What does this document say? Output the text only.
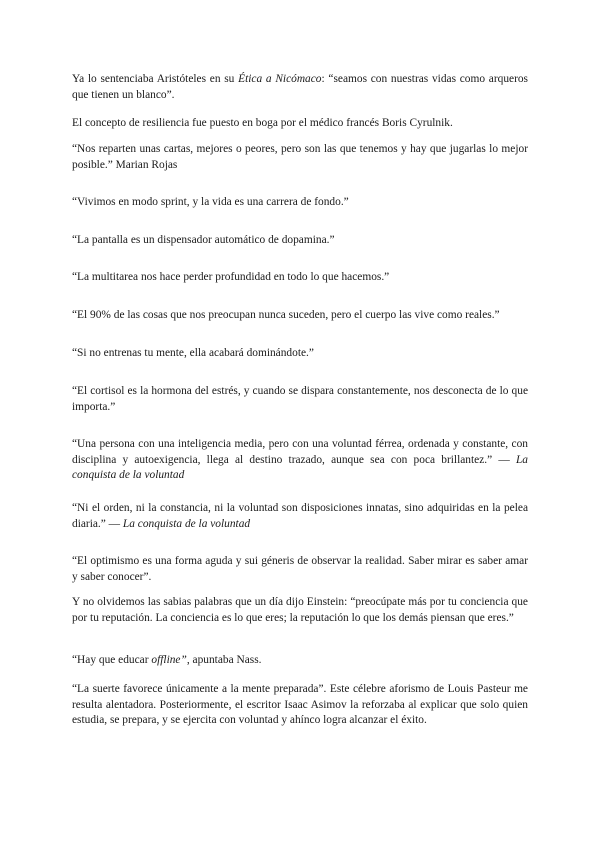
Ya lo sentenciaba Aristóteles en su Ética a Nicómaco: “seamos con nuestras vidas como arqueros que tienen un blanco”.

El concepto de resiliencia fue puesto en boga por el médico francés Boris Cyrulnik.

“Nos reparten unas cartas, mejores o peores, pero son las que tenemos y hay que jugarlas lo mejor posible.” Marian Rojas

“Vivimos en modo sprint, y la vida es una carrera de fondo.”

“La pantalla es un dispensador automático de dopamina.”

“La multitarea nos hace perder profundidad en todo lo que hacemos.”

“El 90% de las cosas que nos preocupan nunca suceden, pero el cuerpo las vive como reales.”

“Si no entrenas tu mente, ella acabará dominándote.”

“El cortisol es la hormona del estrés, y cuando se dispara constantemente, nos desconecta de lo que importa.”

“Una persona con una inteligencia media, pero con una voluntad férrea, ordenada y constante, con disciplina y autoexigencia, llega al destino trazado, aunque sea con poca brillantez.” — La conquista de la voluntad

“Ni el orden, ni la constancia, ni la voluntad son disposiciones innatas, sino adquiridas en la pelea diaria.” — La conquista de la voluntad

“El optimismo es una forma aguda y sui géneris de observar la realidad. Saber mirar es saber amar y saber conocer”.

Y no olvidemos las sabias palabras que un día dijo Einstein: “preocúpate más por tu conciencia que por tu reputación. La conciencia es lo que eres; la reputación lo que los demás piensan que eres.”

“Hay que educar offline”, apuntaba Nass.

“La suerte favorece únicamente a la mente preparada”. Este célebre aforismo de Louis Pasteur me resulta alentadora. Posteriormente, el escritor Isaac Asimov la reforzaba al explicar que solo quien estudia, se prepara, y se ejercita con voluntad y ahínco logra alcanzar el éxito.
